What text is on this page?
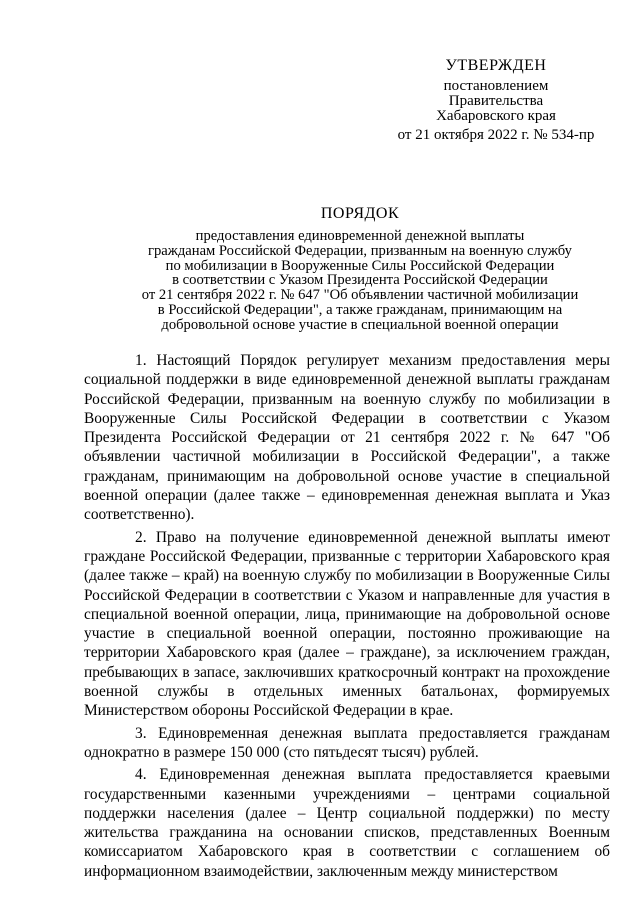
УТВЕРЖДЕН
постановлением
Правительства
Хабаровского края
от 21 октября 2022 г. № 534-пр
ПОРЯДОК
предоставления единовременной денежной выплаты
гражданам Российской Федерации, призванным на военную службу
по мобилизации в Вооруженные Силы Российской Федерации
в соответствии с Указом Президента Российской Федерации
от 21 сентября 2022 г. № 647 "Об объявлении частичной мобилизации
в Российской Федерации", а также гражданам, принимающим на
добровольной основе участие в специальной военной операции

1. Настоящий Порядок регулирует механизм предоставления меры социальной поддержки в виде единовременной денежной выплаты гражданам Российской Федерации, призванным на военную службу по мобилизации в Вооруженные Силы Российской Федерации в соответствии с Указом Президента Российской Федерации от 21 сентября 2022 г. № 647 "Об объявлении частичной мобилизации в Российской Федерации", а также гражданам, принимающим на добровольной основе участие в специальной военной операции (далее также – единовременная денежная выплата и Указ соответственно).

2. Право на получение единовременной денежной выплаты имеют граждане Российской Федерации, призванные с территории Хабаровского края (далее также – край) на военную службу по мобилизации в Вооруженные Силы Российской Федерации в соответствии с Указом и направленные для участия в специальной военной операции, лица, принимающие на добровольной основе участие в специальной военной операции, постоянно проживающие на территории Хабаровского края (далее – граждане), за исключением граждан, пребывающих в запасе, заключивших краткосрочный контракт на прохождение военной службы в отдельных именных батальонах, формируемых Министерством обороны Российской Федерации в крае.

3. Единовременная денежная выплата предоставляется гражданам однократно в размере 150 000 (сто пятьдесят тысяч) рублей.

4. Единовременная денежная выплата предоставляется краевыми государственными казенными учреждениями – центрами социальной поддержки населения (далее – Центр социальной поддержки) по месту жительства гражданина на основании списков, представленных Военным комиссариатом Хабаровского края в соответствии с соглашением об информационном взаимодействии, заключенным между министерством
